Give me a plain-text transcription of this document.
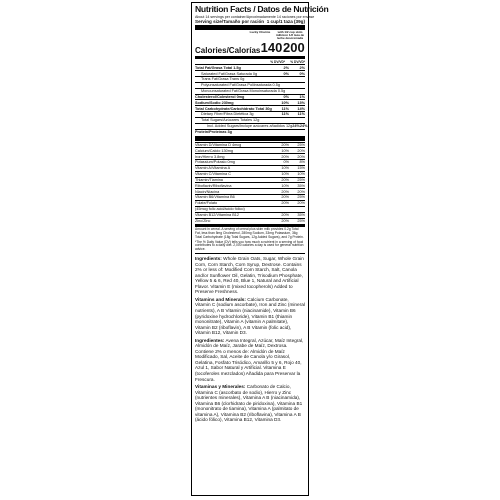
Nutrition Facts / Datos de Nutrición
About 14 servings per container/Aproximadamente 14 raciones por envase
Serving size/Tamaño por ración 1 cup/1 taza (39g)
Lucky Charms	with 1/2 cup skim milk/con 1/2 taza de leche descremada
Calories/Calorías 140 200
% DV/VD*	% DV/VD*
Total Fat/Grasa Total 1.5g	2%	2%
Saturated Fat/Grasa Saturada 0g	0%	0%
Trans Fat/Grasa Trans 0g
Polyunsaturated Fat/Grasa Poliinsaturada 0.5g
Monounsaturated Fat/Grasa Monoinsaturada 0.5g
Cholesterol/Colesterol 0mg	0%	1%
Sodium/Sodio 230mg	10%	13%
Total Carbohydrate/Carbohidrato Total 30g	11%	14%
Dietary Fiber/Fibra Dietética 3g	11%	11%
Total Sugars/Azúcares Totales 12g
Incl. Added Sugars/Incluye azúcares añadidos 12g 24% 24%
Protein/Proteínas 3g
Vitamin D/Vitamina D 4mcg	20%	25%
Calcium/Calcio 130mg	10%	20%
Iron/Hierro 3.8mg	20%	20%
Potassium/Potasio 0mg	0%	8%
Vitamin A/Vitamina A	10%	15%
Vitamin C/Vitamina C	10%	10%
Thiamin/Tiamina	20%	25%
Riboflavin/Riboflavina	10%	35%
Niacin/Niacina	20%	20%
Vitamin B6/Vitamina B6	20%	25%
Folate/Folato	20%	20%
(45mcg folic acid/ácido fólico)
Vitamin B12/Vitamina B12	20%	35%
Zinc/Zinc	20%	25%

Amount in cereal. A serving of cereal plus skim milk provides 0.2g Total Fat, less than 5mg Cholesterol, 280mg Sodium, 33mg Potassium, 36g Total Carbohydrate (18g Total Sugars, 12g Added Sugars), and 7g Protein.

*The % Daily Value (DV) tells you how much a nutrient in a serving of food contributes to a daily diet. 2,000 calories a day is used for general nutrition advice.

Ingredients: Whole Grain Oats, Sugar, Whole Grain Corn, Corn Starch, Corn Syrup, Dextrose. Contains 2% or less of: Modified Corn Starch, Salt, Canola and/or Sunflower Oil, Gelatin, Trisodium Phosphate, Yellow 5 & 6, Red 40, Blue 1, Natural and Artificial Flavor. Vitamin E (mixed tocopherols) Added to Preserve Freshness.

Vitamins and Minerals: Calcium Carbonate, Vitamin C (sodium ascorbate), Iron and Zinc (mineral nutrients), A B Vitamin (niacinamide), Vitamin B6 (pyridoxine hydrochloride), Vitamin B1 (thiamin mononitrate), Vitamin A (vitamin A palmitate), Vitamin B2 (riboflavin), A B Vitamin (folic acid), Vitamin B12, Vitamin D3.

Ingredientes: Avena Integral, Azúcar, Maíz Integral, Almidón de Maíz, Jarabe de Maíz, Dextrosa. Contiene 2% o menos de: Almidón de Maíz Modificado, Sal, Aceite de Canola y/o Girasol, Gelatina, Fosfato Trisódico, Amarillo 5 y 6, Rojo 40, Azul 1, Sabor Natural y Artificial. Vitamina E (tocoferoles mezclados) Añadida para Preservar la Frescura.

Vitaminas y Minerales: Carbonato de Calcio, Vitamina C (ascorbato de sodio), Hierro y Zinc (nutrientes minerales), Vitamina A B (niacinamida), Vitamina B6 (clorhidrato de piridoxina), Vitamina B1 (mononitrato de tiamina), Vitamina A (palmitato de vitamina A), Vitamina B2 (riboflavina), Vitamina A B (ácido fólico), Vitamina B12, Vitamina D3.
